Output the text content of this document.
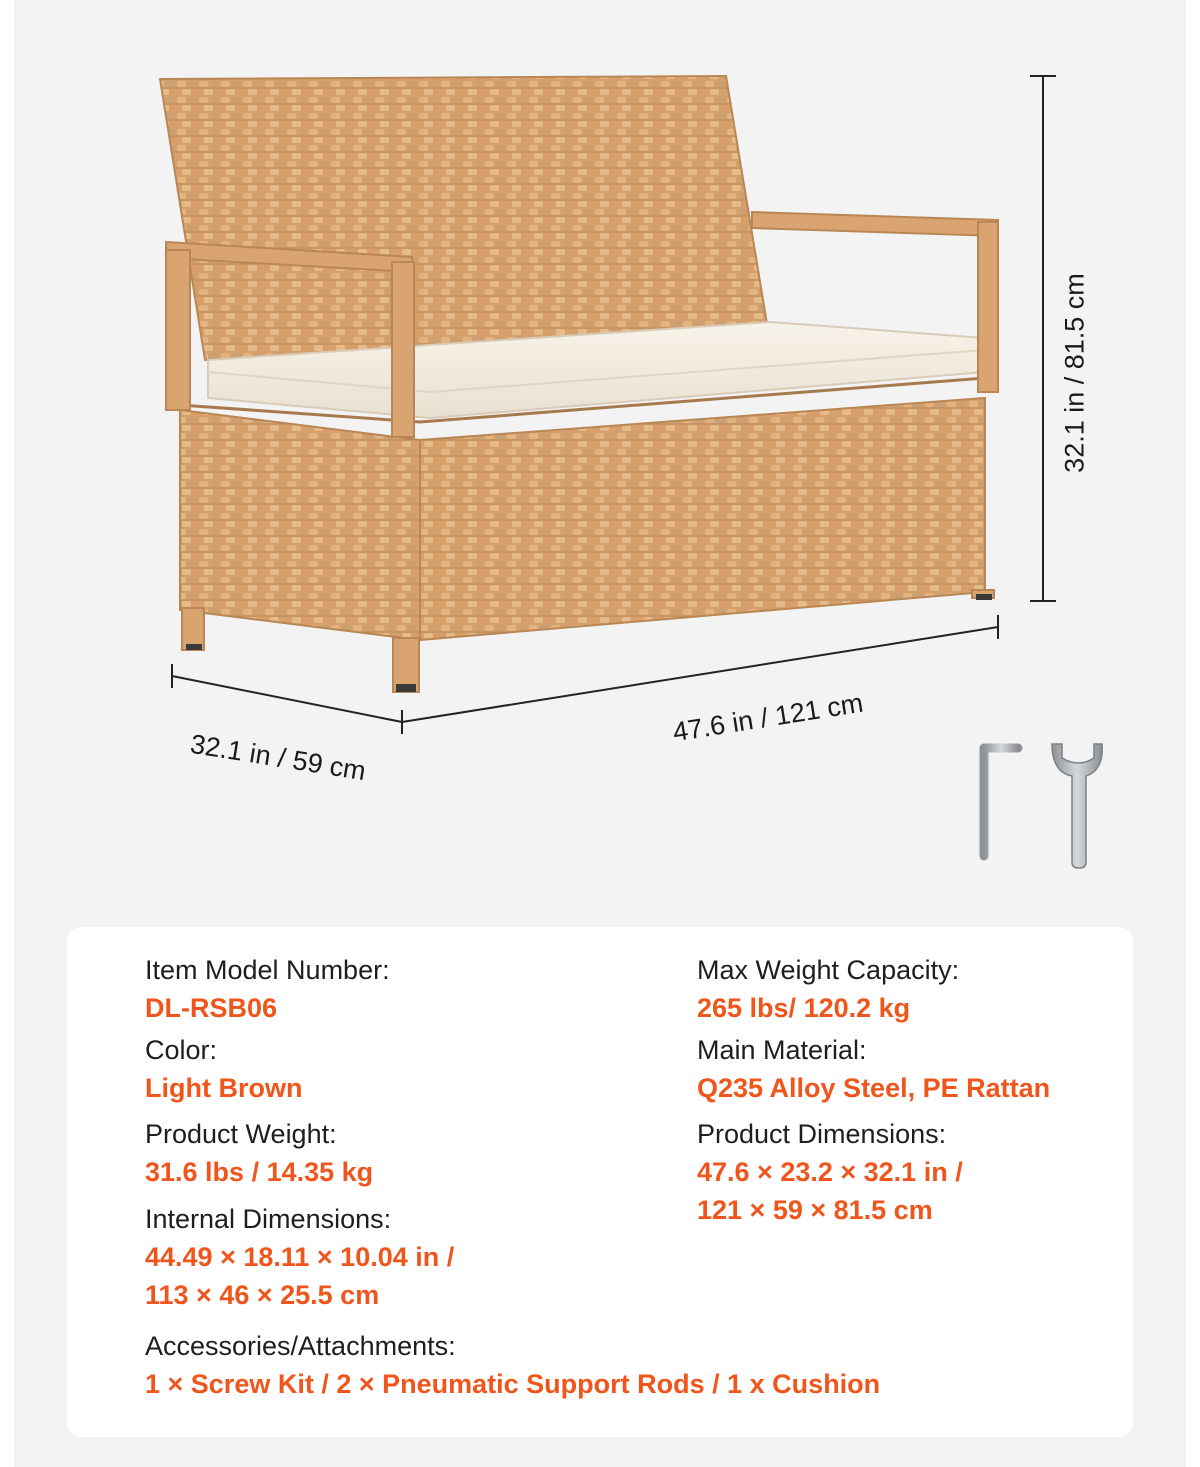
32.1 in / 81.5 cm
47.6 in / 121 cm
32.1 in / 59 cm
Item Model Number:
DL-RSB06
Color:
Light Brown
Product Weight:
31.6 lbs / 14.35 kg
Internal Dimensions:
44.49 × 18.11 × 10.04 in /
113 × 46 × 25.5 cm
Max Weight Capacity:
265 lbs/ 120.2 kg
Main Material:
Q235 Alloy Steel, PE Rattan
Product Dimensions:
47.6 × 23.2 × 32.1 in /
121 × 59 × 81.5 cm
Accessories/Attachments:
1 × Screw Kit / 2 × Pneumatic Support Rods / 1 x Cushion
